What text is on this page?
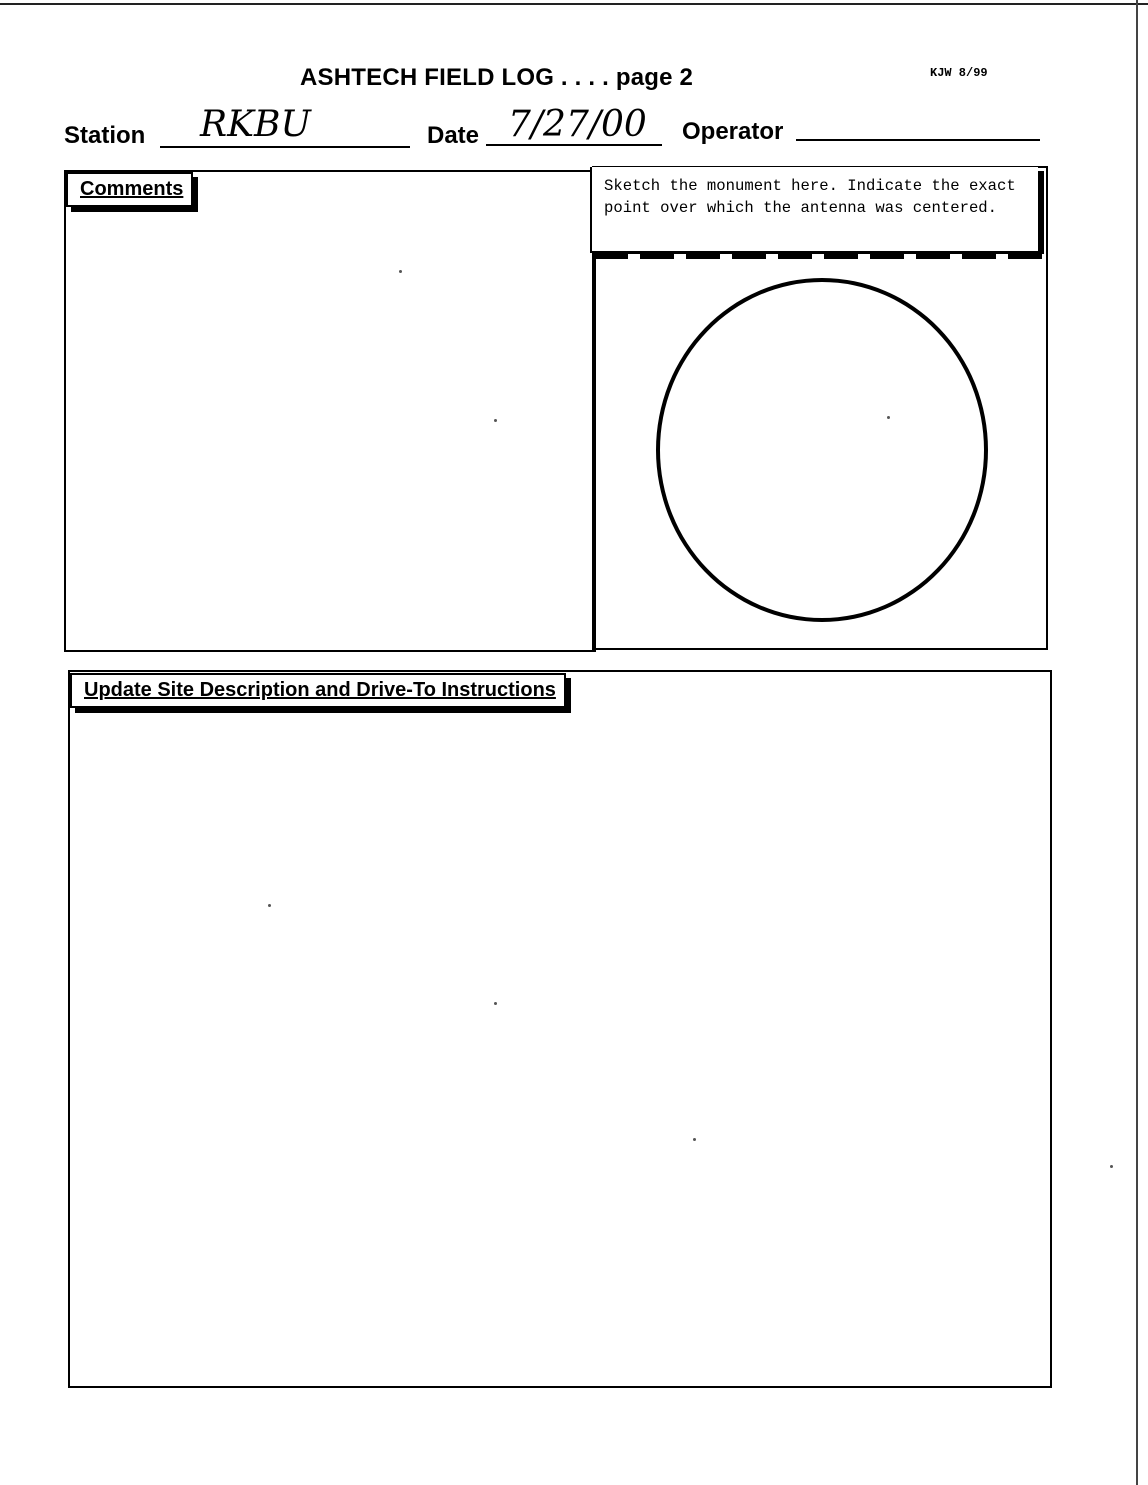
ASHTECH FIELD LOG . . . . page 2	KJW 8/99
Station RKBU	Date 7/27/00 Operator
Comments	Sketch the monument here. Indicate the exact point over which the antenna was centered.
Update Site Description and Drive-To Instructions
